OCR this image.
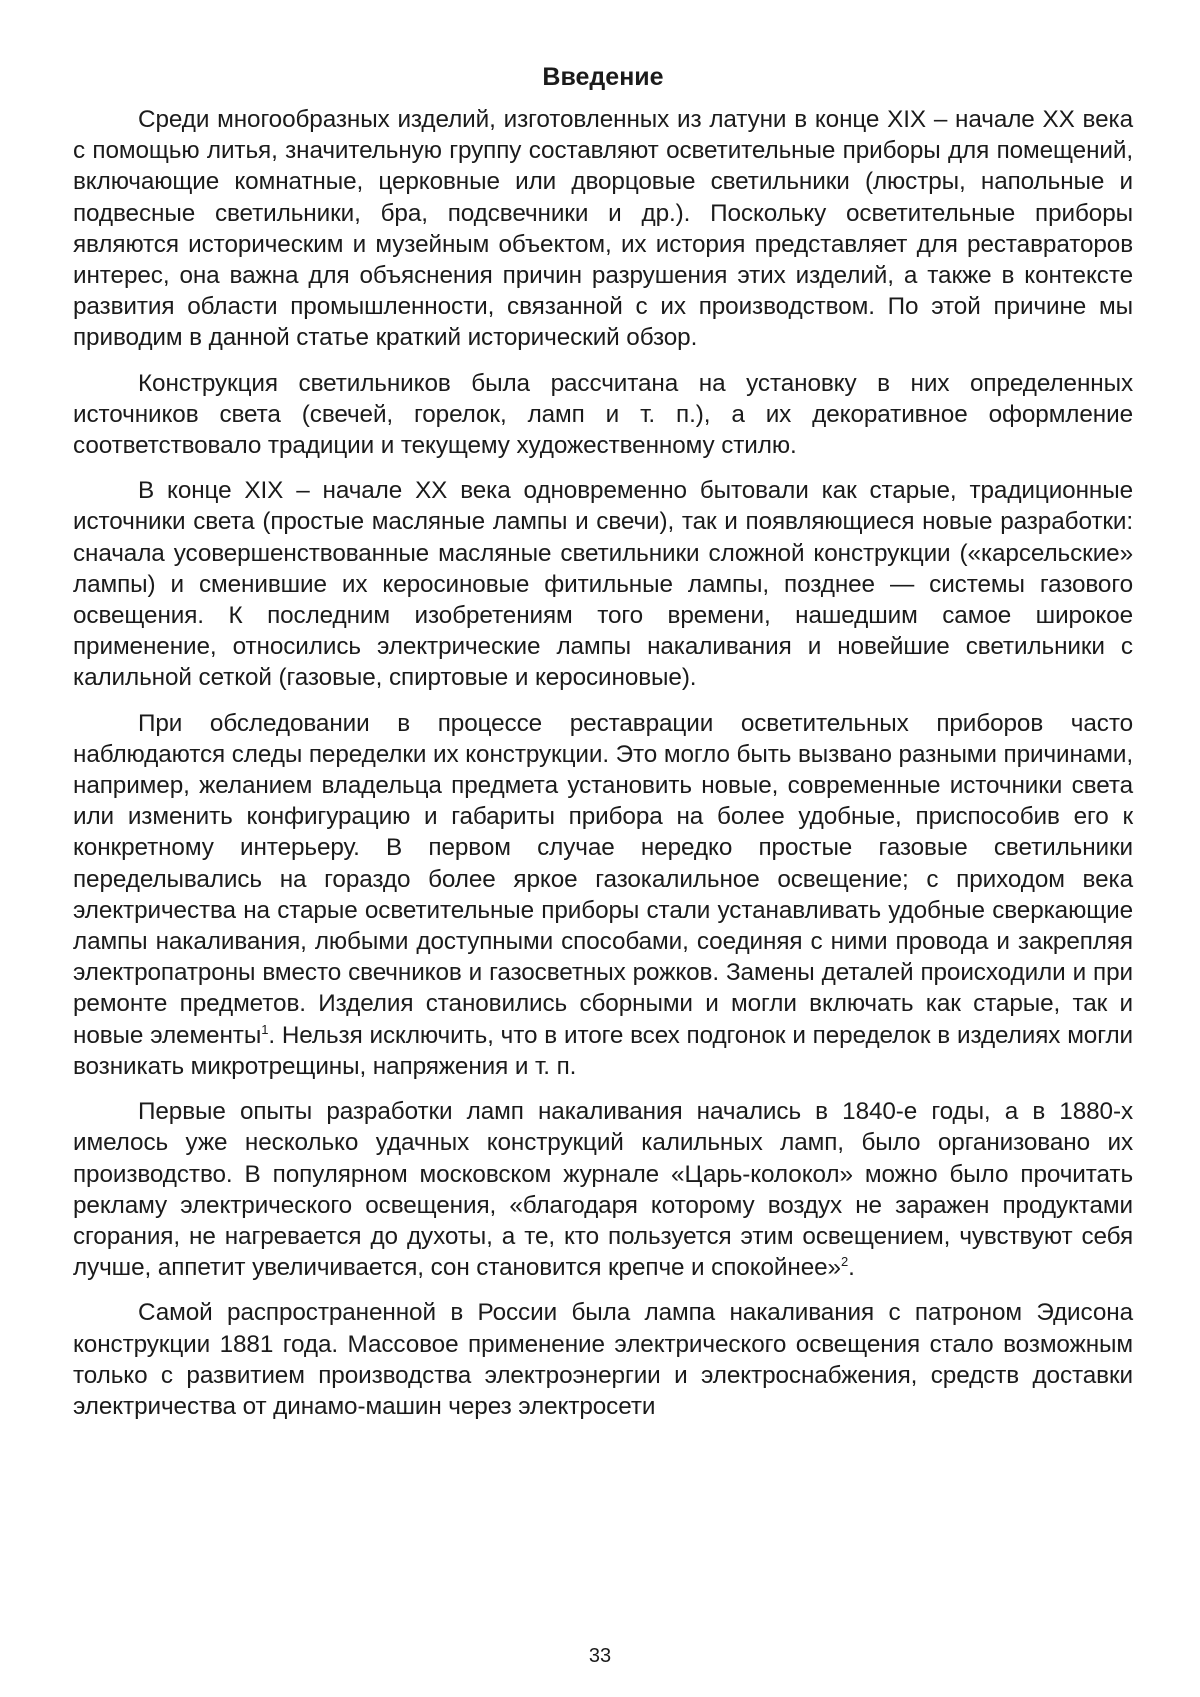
Введение

Среди многообразных изделий, изготовленных из латуни в конце XIX – начале XX века с помощью литья, значительную группу составляют осветительные приборы для помещений, включающие комнатные, церковные или дворцовые светильники (люстры, напольные и подвесные светильники, бра, подсвечники и др.). Поскольку осветительные приборы являются историческим и музейным объектом, их история представляет для реставраторов интерес, она важна для объяснения причин разрушения этих изделий, а также в контексте развития области промышленности, связанной с их производством. По этой причине мы приводим в данной статье краткий исторический обзор.

Конструкция светильников была рассчитана на установку в них определенных источников света (свечей, горелок, ламп и т. п.), а их декоративное оформление соответствовало традиции и текущему художественному стилю.

В конце XIX – начале XX века одновременно бытовали как старые, традиционные источники света (простые масляные лампы и свечи), так и появляющиеся новые разработки: сначала усовершенствованные масляные светильники сложной конструкции («карсельские» лампы) и сменившие их керосиновые фитильные лампы, позднее — системы газового освещения. К последним изобретениям того времени, нашедшим самое широкое применение, относились электрические лампы накаливания и новейшие светильники с калильной сеткой (газовые, спиртовые и керосиновые).

При обследовании в процессе реставрации осветительных приборов часто наблюдаются следы переделки их конструкции. Это могло быть вызвано разными причинами, например, желанием владельца предмета установить новые, современные источники света или изменить конфигурацию и габариты прибора на более удобные, приспособив его к конкретному интерьеру. В первом случае нередко простые газовые светильники переделывались на гораздо более яркое газокалильное освещение; с приходом века электричества на старые осветительные приборы стали устанавливать удобные сверкающие лампы накаливания, любыми доступными способами, соединяя с ними провода и закрепляя электропатроны вместо свечников и газосветных рожков. Замены деталей происходили и при ремонте предметов. Изделия становились сборными и могли включать как старые, так и новые элементы$^1$. Нельзя исключить, что в итоге всех подгонок и переделок в изделиях могли возникать микротрещины, напряжения и т. п.

Первые опыты разработки ламп накаливания начались в 1840-е годы, а в 1880-х имелось уже несколько удачных конструкций калильных ламп, было организовано их производство. В популярном московском журнале «Царь-колокол» можно было прочитать рекламу электрического освещения, «благодаря которому воздух не заражен продуктами сгорания, не нагревается до духоты, а те, кто пользуется этим освещением, чувствуют себя лучше, аппетит увеличивается, сон становится крепче и спокойнее»$^2$.

Самой распространенной в России была лампа накаливания с патроном Эдисона конструкции 1881 года. Массовое применение электрического освещения стало возможным только с развитием производства электроэнергии и электроснабжения, средств доставки электричества от динамо-машин через электросети

33
